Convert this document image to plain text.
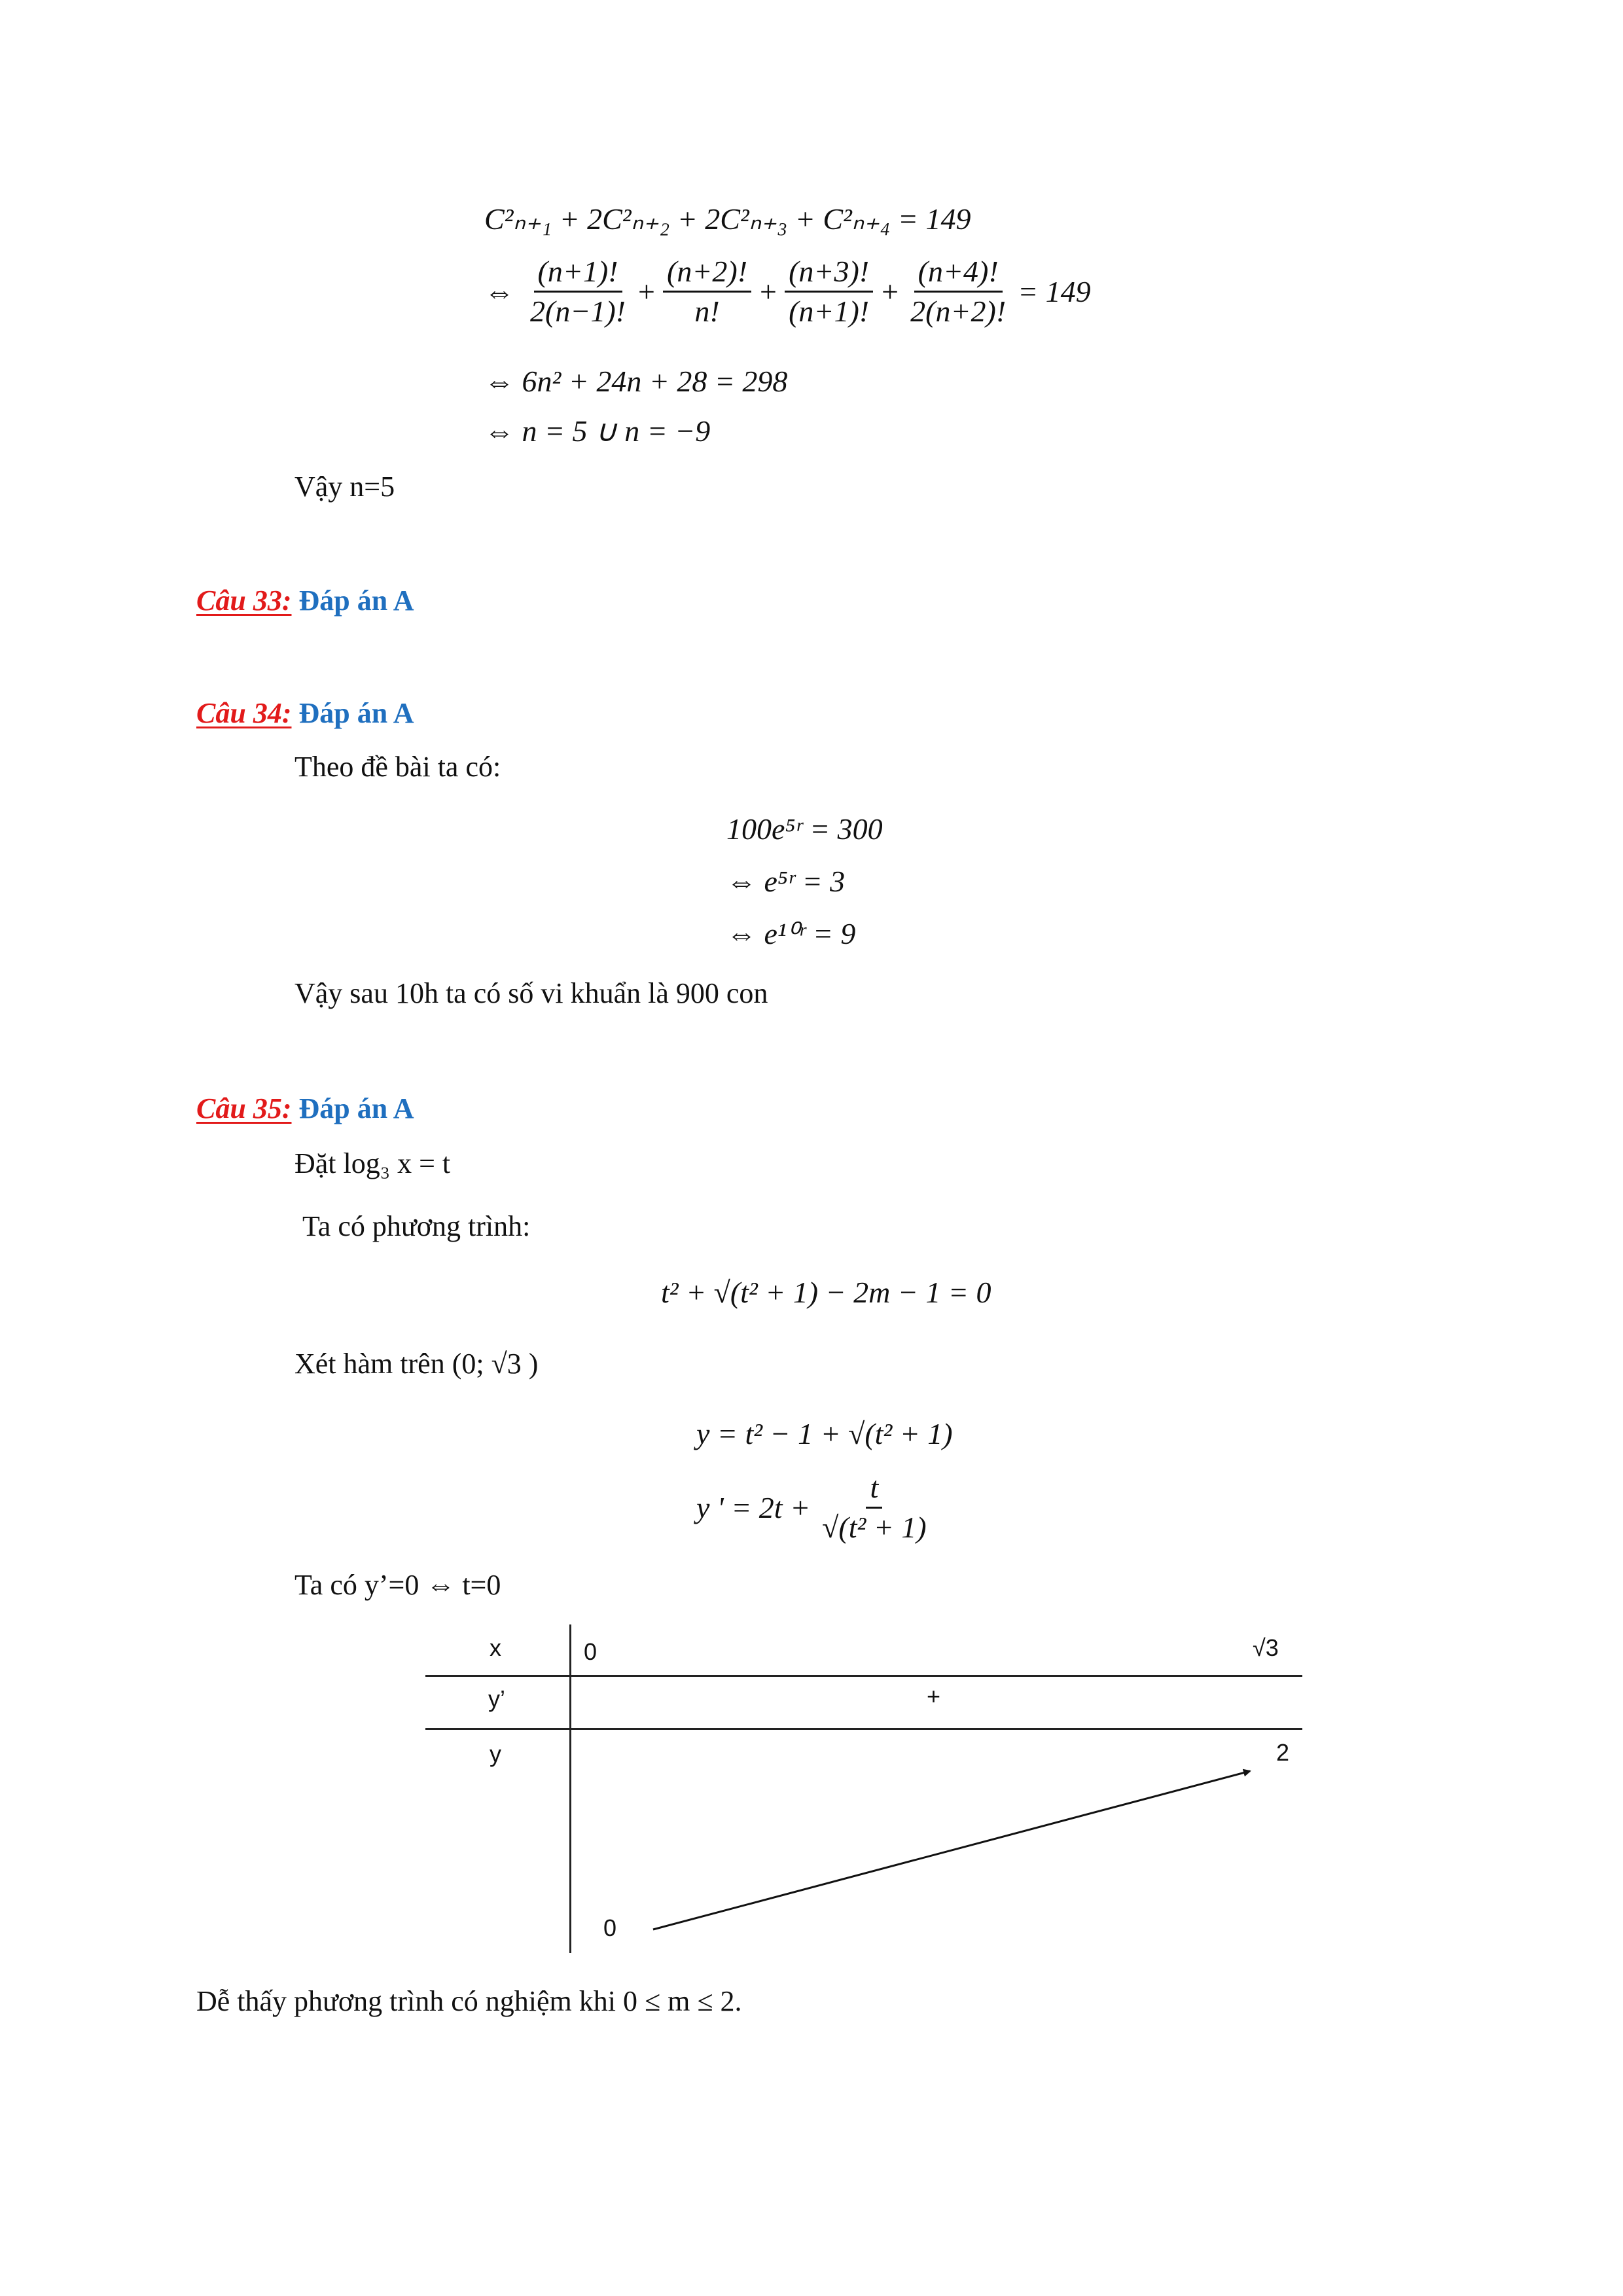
C²ₙ₊₁ + 2C²ₙ₊₂ + 2C²ₙ₊₃ + C²ₙ₊₄ = 149
⇔ $\frac{(n+1)!}{2(n-1)!} + \frac{(n+2)!}{n!} + \frac{(n+3)!}{(n+1)!} + \frac{(n+4)!}{2(n+2)!} = 149$
⇔ 6n² + 24n + 28 = 298
⇔ n = 5 ∪ n = −9
Vậy n=5
Câu 33: Đáp án A
Câu 34: Đáp án A
Theo đề bài ta có:
100e⁵ʳ = 300
⇔ e⁵ʳ = 3
⇔ e¹⁰ʳ = 9
Vậy sau 10h ta có số vi khuẩn là 900 con
Câu 35: Đáp án A
Đặt log₃ x = t
Ta có phương trình:
t² + √(t² + 1) − 2m − 1 = 0
Xét hàm trên (0; √3 )
y = t² − 1 + √(t² + 1)
y ' = $2t + \frac{t}{\text{√(t² + 1)}}$
Ta có y’=0 ⇔ t=0
x
y’
y
0	√3
+
0
2
Dễ thấy phương trình có nghiệm khi 0 ≤ m ≤ 2.
